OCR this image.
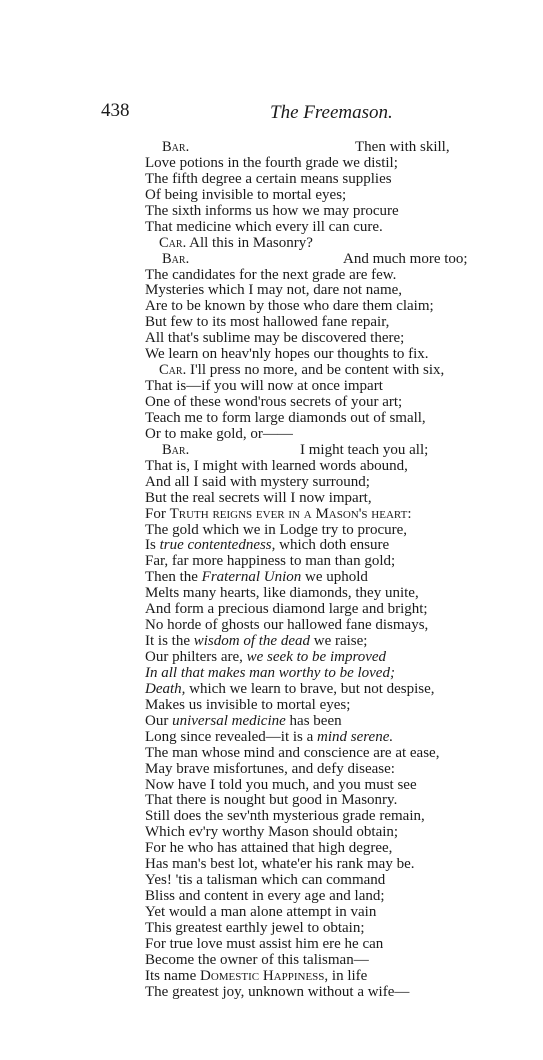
438	The Freemason.
Bar.	Then with skill,
Love potions in the fourth grade we distil;
The fifth degree a certain means supplies
Of being invisible to mortal eyes;
The sixth informs us how we may procure
That medicine which every ill can cure.
Car. All this in Masonry?
Bar.	And much more too;
The candidates for the next grade are few.
Mysteries which I may not, dare not name,
Are to be known by those who dare them claim;
But few to its most hallowed fane repair,
All that's sublime may be discovered there;
We learn on heav'nly hopes our thoughts to fix.
Car. I'll press no more, and be content with six,
That is—if you will now at once impart
One of these wond'rous secrets of your art;
Teach me to form large diamonds out of small,
Or to make gold, or——
Bar.	I might teach you all;
That is, I might with learned words abound,
And all I said with mystery surround;
But the real secrets will I now impart,
For Truth reigns ever in a Mason's heart:
The gold which we in Lodge try to procure,
Is true contentedness, which doth ensure
Far, far more happiness to man than gold;
Then the Fraternal Union we uphold
Melts many hearts, like diamonds, they unite,
And form a precious diamond large and bright;
No horde of ghosts our hallowed fane dismays,
It is the wisdom of the dead we raise;
Our philters are, we seek to be improved
In all that makes man worthy to be loved;
Death, which we learn to brave, but not despise,
Makes us invisible to mortal eyes;
Our universal medicine has been
Long since revealed—it is a mind serene.
The man whose mind and conscience are at ease,
May brave misfortunes, and defy disease:
Now have I told you much, and you must see
That there is nought but good in Masonry.
Still does the sev'nth mysterious grade remain,
Which ev'ry worthy Mason should obtain;
For he who has attained that high degree,
Has man's best lot, whate'er his rank may be.
Yes! 'tis a talisman which can command
Bliss and content in every age and land;
Yet would a man alone attempt in vain
This greatest earthly jewel to obtain;
For true love must assist him ere he can
Become the owner of this talisman—
Its name Domestic Happiness, in life
The greatest joy, unknown without a wife—
